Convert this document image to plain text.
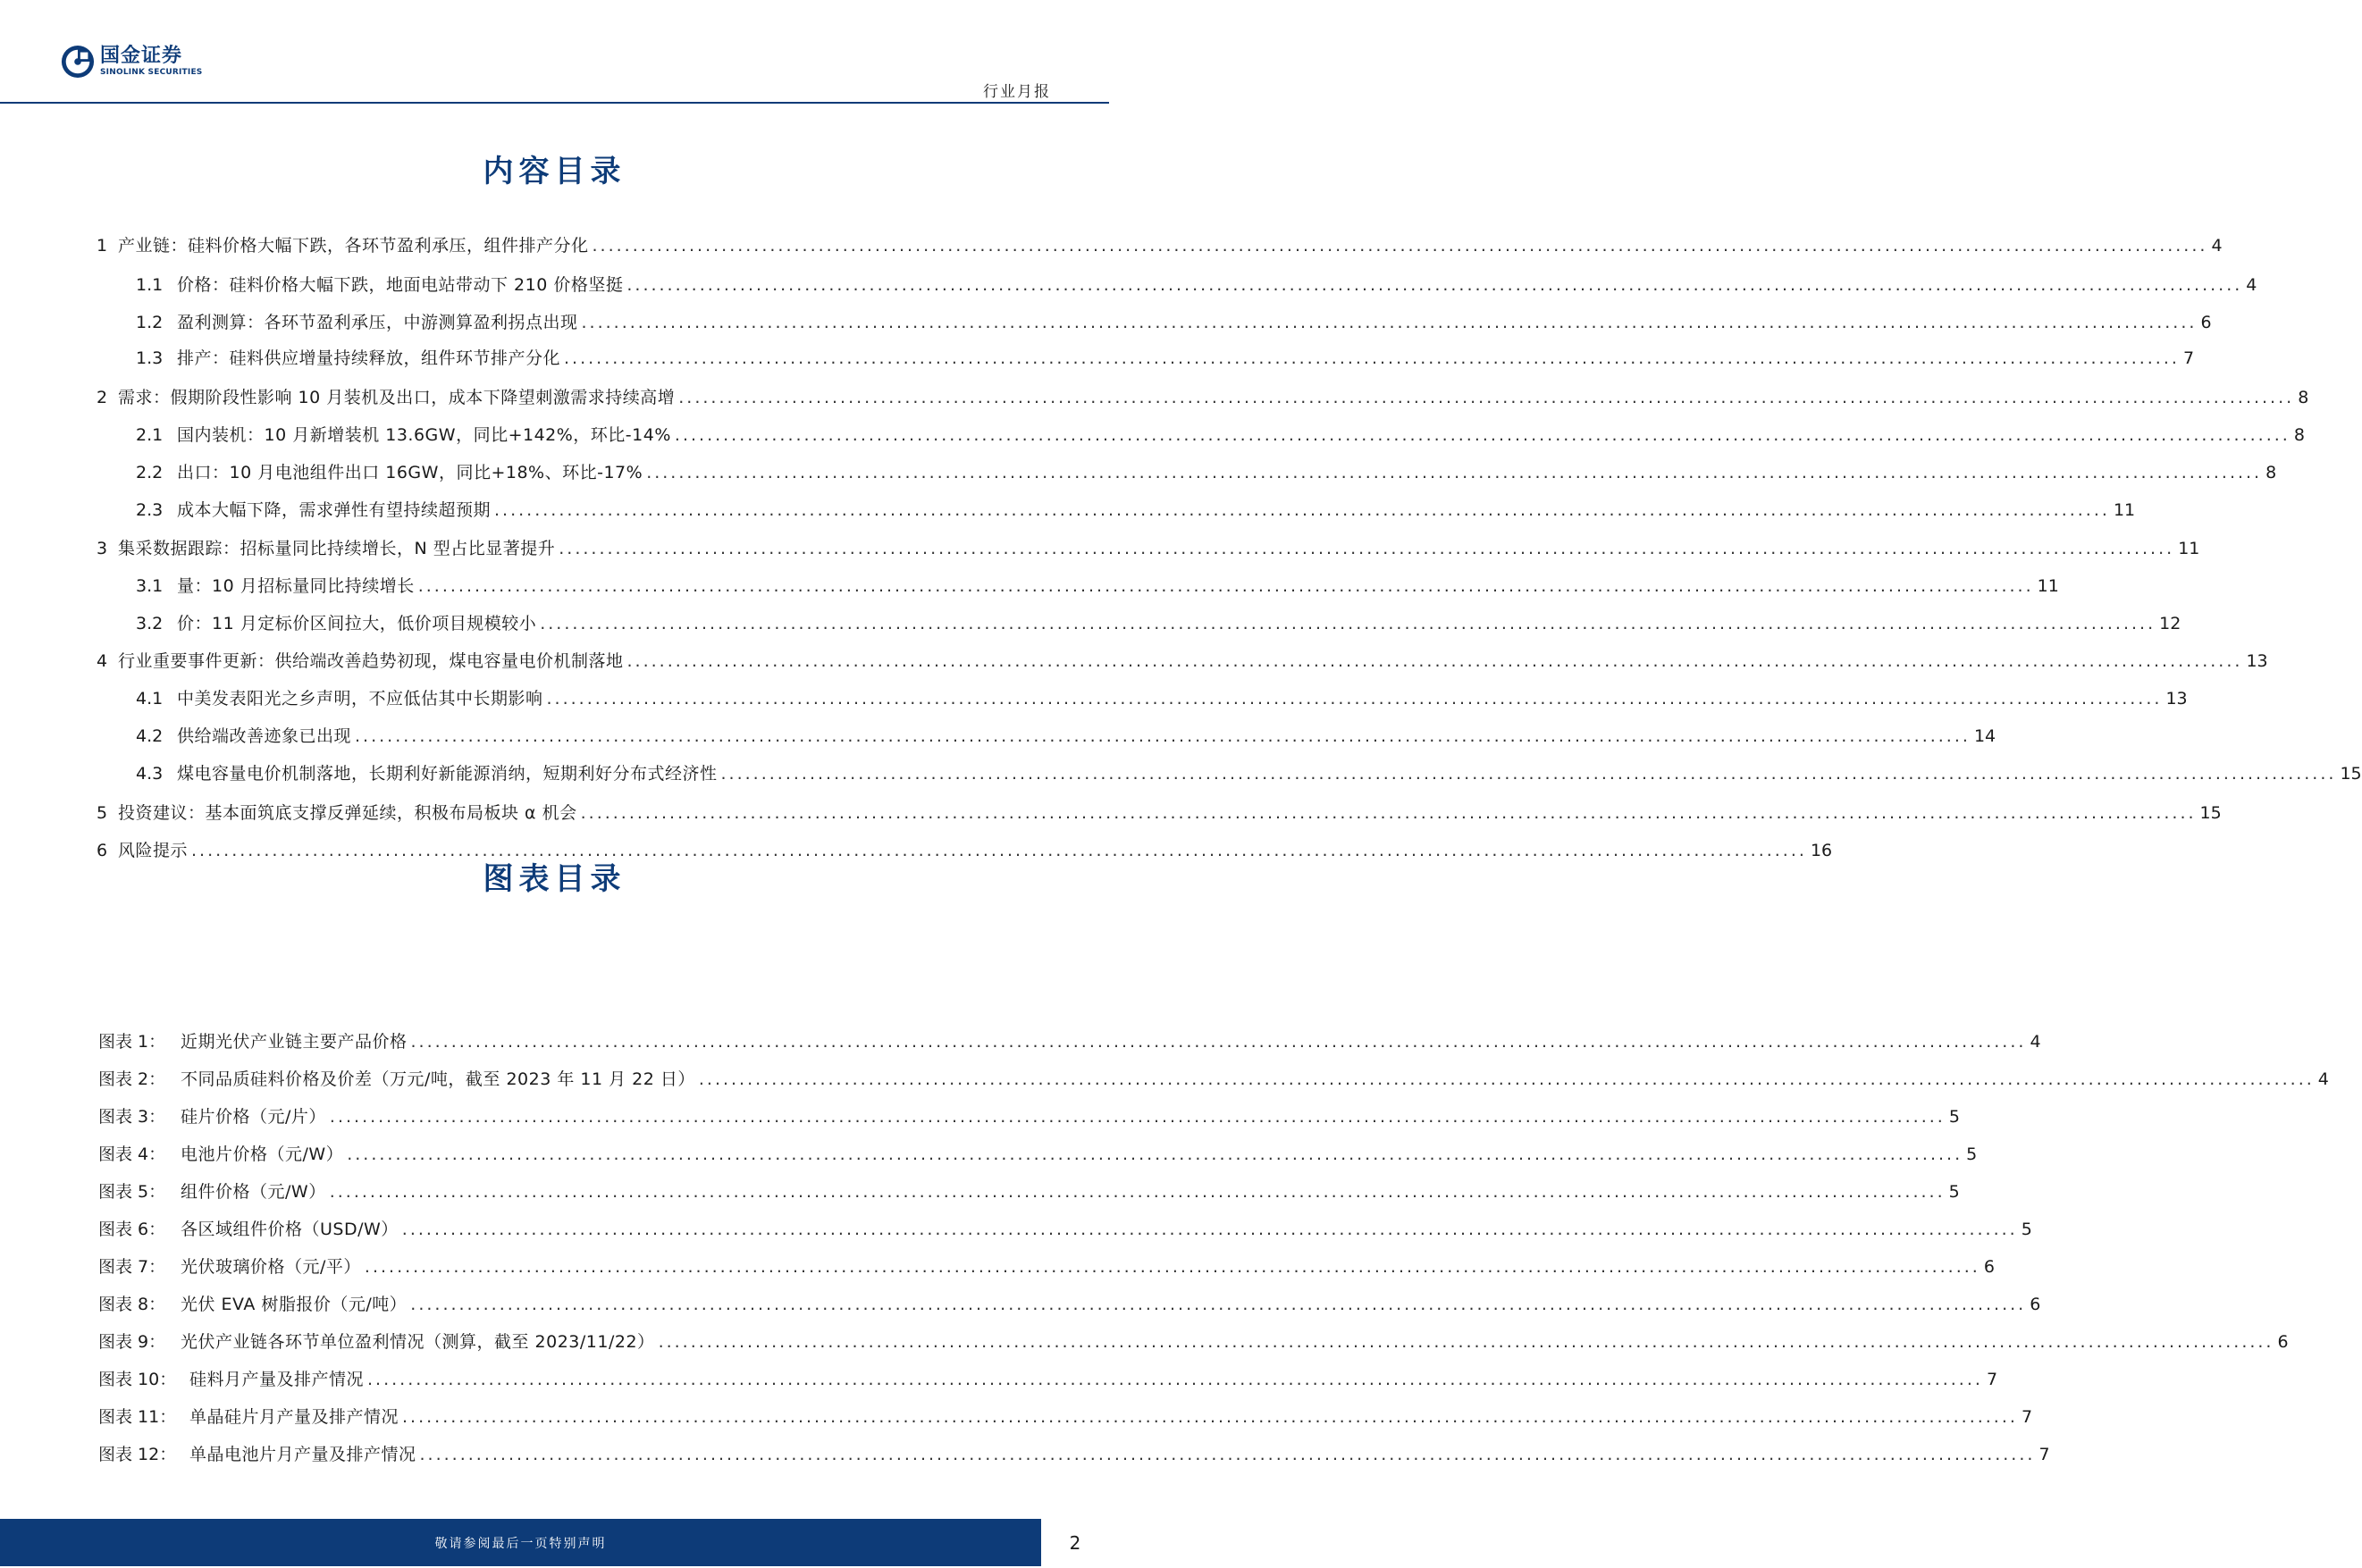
国金证券
SINOLINK SECURITIES
行业月报
内容目录
1 产业链：硅料价格大幅下跌，各环节盈利承压，组件排产分化 ........................................................................................................................................................................................................ 4
1.1 价格：硅料价格大幅下跌，地面电站带动下 210 价格坚挺 ........................................................................................................................................................................................................ 4
1.2 盈利测算：各环节盈利承压，中游测算盈利拐点出现 ........................................................................................................................................................................................................ 6
1.3 排产：硅料供应增量持续释放，组件环节排产分化 ........................................................................................................................................................................................................ 7
2 需求：假期阶段性影响 10 月装机及出口，成本下降望刺激需求持续高增 ........................................................................................................................................................................................................ 8
2.1 国内装机：10 月新增装机 13.6GW，同比+142%，环比-14% ........................................................................................................................................................................................................ 8
2.2 出口：10 月电池组件出口 16GW，同比+18%、环比-17% ........................................................................................................................................................................................................ 8
2.3 成本大幅下降，需求弹性有望持续超预期 ........................................................................................................................................................................................................ 11
3 集采数据跟踪：招标量同比持续增长，N 型占比显著提升 ........................................................................................................................................................................................................ 11
3.1 量：10 月招标量同比持续增长 ........................................................................................................................................................................................................ 11
3.2 价：11 月定标价区间拉大，低价项目规模较小 ........................................................................................................................................................................................................ 12
4 行业重要事件更新：供给端改善趋势初现，煤电容量电价机制落地 ........................................................................................................................................................................................................ 13
4.1 中美发表阳光之乡声明，不应低估其中长期影响 ........................................................................................................................................................................................................ 13
4.2 供给端改善迹象已出现 ........................................................................................................................................................................................................ 14
4.3 煤电容量电价机制落地，长期利好新能源消纳，短期利好分布式经济性 ........................................................................................................................................................................................................ 15
5 投资建议：基本面筑底支撑反弹延续，积极布局板块 α 机会 ........................................................................................................................................................................................................ 15
6 风险提示 ........................................................................................................................................................................................................ 16
图表目录
图表 1： 近期光伏产业链主要产品价格 ........................................................................................................................................................................................................ 4
图表 2： 不同品质硅料价格及价差（万元/吨，截至 2023 年 11 月 22 日） ........................................................................................................................................................................................................ 4
图表 3： 硅片价格（元/片） ........................................................................................................................................................................................................ 5
图表 4： 电池片价格（元/W） ........................................................................................................................................................................................................ 5
图表 5： 组件价格（元/W） ........................................................................................................................................................................................................ 5
图表 6： 各区域组件价格（USD/W） ........................................................................................................................................................................................................ 5
图表 7： 光伏玻璃价格（元/平） ........................................................................................................................................................................................................ 6
图表 8： 光伏 EVA 树脂报价（元/吨） ........................................................................................................................................................................................................ 6
图表 9： 光伏产业链各环节单位盈利情况（测算，截至 2023/11/22） ........................................................................................................................................................................................................ 6
图表 10： 硅料月产量及排产情况 ........................................................................................................................................................................................................ 7
图表 11： 单晶硅片月产量及排产情况 ........................................................................................................................................................................................................ 7
图表 12： 单晶电池片月产量及排产情况 ........................................................................................................................................................................................................ 7
敬请参阅最后一页特别声明	2
